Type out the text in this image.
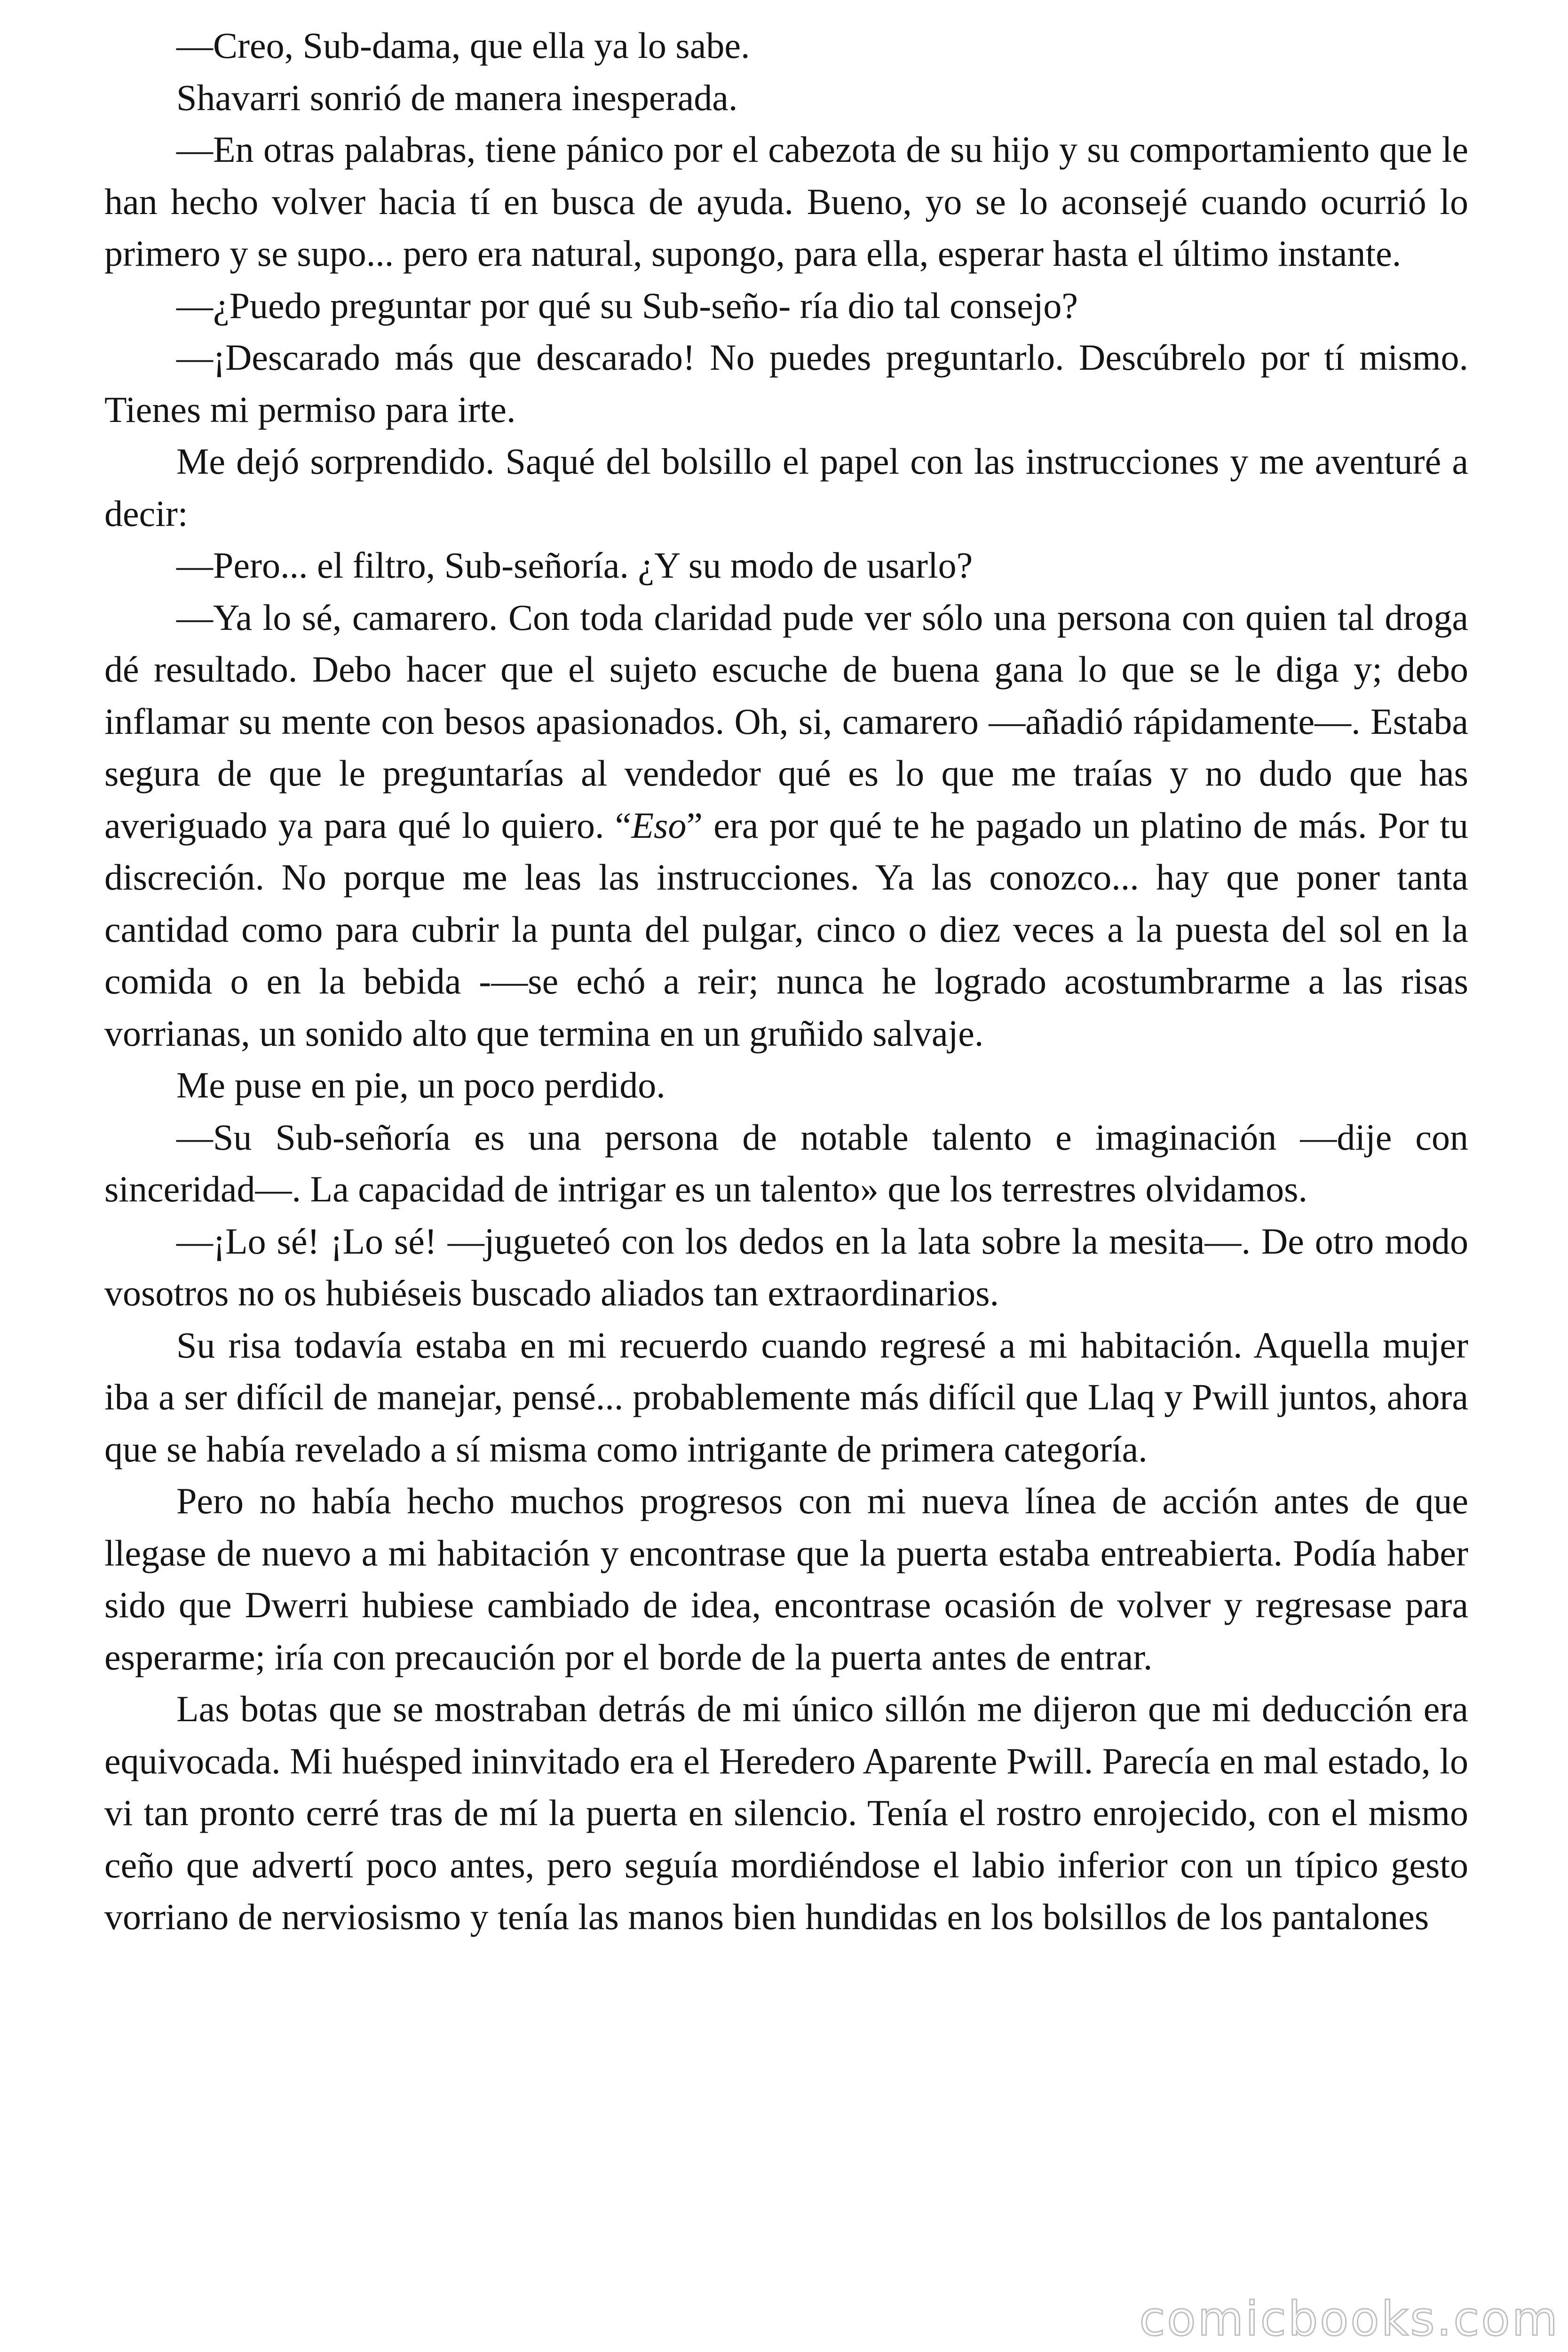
—Creo, Sub-dama, que ella ya lo sabe.

Shavarri sonrió de manera inesperada.

—En otras palabras, tiene pánico por el cabezota de su hijo y su comportamiento que le han hecho volver hacia tí en busca de ayuda. Bueno, yo se lo aconsejé cuando ocurrió lo primero y se supo... pero era natural, supongo, para ella, esperar hasta el último instante.

—¿Puedo preguntar por qué su Sub-seño- ría dio tal consejo?

—¡Descarado más que descarado! No puedes preguntarlo. Descúbrelo por tí mismo. Tienes mi permiso para irte.

Me dejó sorprendido. Saqué del bolsillo el papel con las instrucciones y me aventuré a decir:

—Pero... el filtro, Sub-señoría. ¿Y su modo de usarlo?

—Ya lo sé, camarero. Con toda claridad pude ver sólo una persona con quien tal droga dé resultado. Debo hacer que el sujeto escuche de buena gana lo que se le diga y; debo inflamar su mente con besos apasionados. Oh, si, camarero —añadió rápidamente—. Estaba segura de que le preguntarías al vendedor qué es lo que me traías y no dudo que has averiguado ya para qué lo quiero. “Eso” era por qué te he pagado un platino de más. Por tu discreción. No porque me leas las instrucciones. Ya las conozco... hay que poner tanta cantidad como para cubrir la punta del pulgar, cinco o diez veces a la puesta del sol en la comida o en la bebida -—se echó a reir; nunca he logrado acostumbrarme a las risas vorrianas, un sonido alto que termina en un gruñido salvaje.

Me puse en pie, un poco perdido.

—Su Sub-señoría es una persona de notable talento e imaginación —dije con sinceridad—. La capacidad de intrigar es un talento» que los terrestres olvidamos.

—¡Lo sé! ¡Lo sé! —jugueteó con los dedos en la lata sobre la mesita—. De otro modo vosotros no os hubiéseis buscado aliados tan extraordinarios.

Su risa todavía estaba en mi recuerdo cuando regresé a mi habitación. Aquella mujer iba a ser difícil de manejar, pensé... probablemente más difícil que Llaq y Pwill juntos, ahora que se había revelado a sí misma como intrigante de primera categoría.

Pero no había hecho muchos progresos con mi nueva línea de acción antes de que llegase de nuevo a mi habitación y encontrase que la puerta estaba entreabierta. Podía haber sido que Dwerri hubiese cambiado de idea, encontrase ocasión de volver y regresase para esperarme; iría con precaución por el borde de la puerta antes de entrar.

Las botas que se mostraban detrás de mi único sillón me dijeron que mi deducción era equivocada. Mi huésped ininvitado era el Heredero Aparente Pwill. Parecía en mal estado, lo vi tan pronto cerré tras de mí la puerta en silencio. Tenía el rostro enrojecido, con el mismo ceño que advertí poco antes, pero seguía mordiéndose el labio inferior con un típico gesto vorriano de nerviosismo y tenía las manos bien hundidas en los bolsillos de los pantalones

comicbooks.com
